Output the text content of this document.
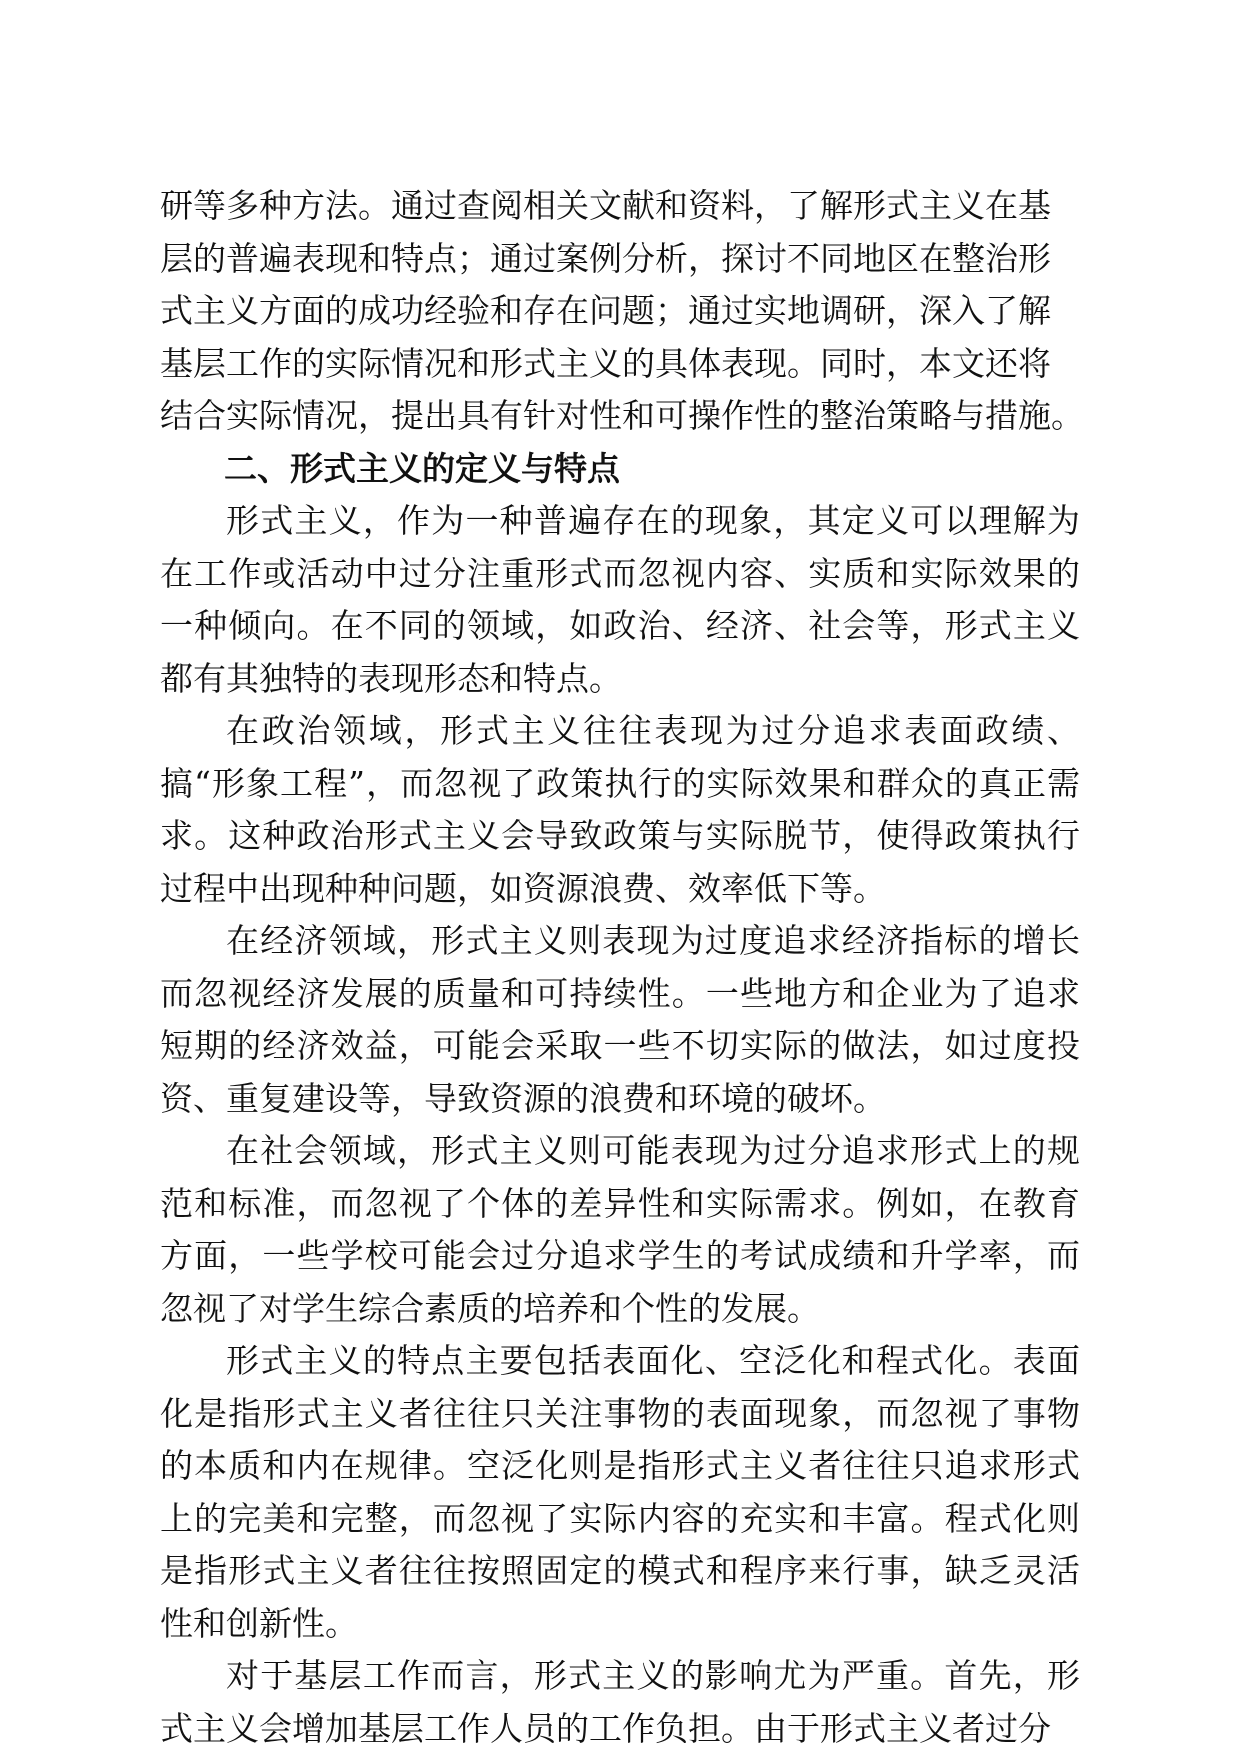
研等多种方法。通过查阅相关文献和资料，了解形式主义在基
层的普遍表现和特点；通过案例分析，探讨不同地区在整治形
式主义方面的成功经验和存在问题；通过实地调研，深入了解
基层工作的实际情况和形式主义的具体表现。同时，本文还将
结合实际情况，提出具有针对性和可操作性的整治策略与措施。

二、形式主义的定义与特点

形式主义，作为一种普遍存在的现象，其定义可以理解为在工作或活动中过分注重形式而忽视内容、实质和实际效果的一种倾向。在不同的领域，如政治、经济、社会等，形式主义都有其独特的表现形态和特点。

在政治领域，形式主义往往表现为过分追求表面政绩、搞“形象工程”，而忽视了政策执行的实际效果和群众的真正需求。这种政治形式主义会导致政策与实际脱节，使得政策执行过程中出现种种问题，如资源浪费、效率低下等。

在经济领域，形式主义则表现为过度追求经济指标的增长而忽视经济发展的质量和可持续性。一些地方和企业为了追求短期的经济效益，可能会采取一些不切实际的做法，如过度投资、重复建设等，导致资源的浪费和环境的破坏。

在社会领域，形式主义则可能表现为过分追求形式上的规范和标准，而忽视了个体的差异性和实际需求。例如，在教育方面，一些学校可能会过分追求学生的考试成绩和升学率，而忽视了对学生综合素质的培养和个性的发展。

形式主义的特点主要包括表面化、空泛化和程式化。表面化是指形式主义者往往只关注事物的表面现象，而忽视了事物的本质和内在规律。空泛化则是指形式主义者往往只追求形式上的完美和完整，而忽视了实际内容的充实和丰富。程式化则是指形式主义者往往按照固定的模式和程序来行事，缺乏灵活性和创新性。

对于基层工作而言，形式主义的影响尤为严重。首先，形式主义会增加基层工作人员的工作负担。由于形式主义者过分
